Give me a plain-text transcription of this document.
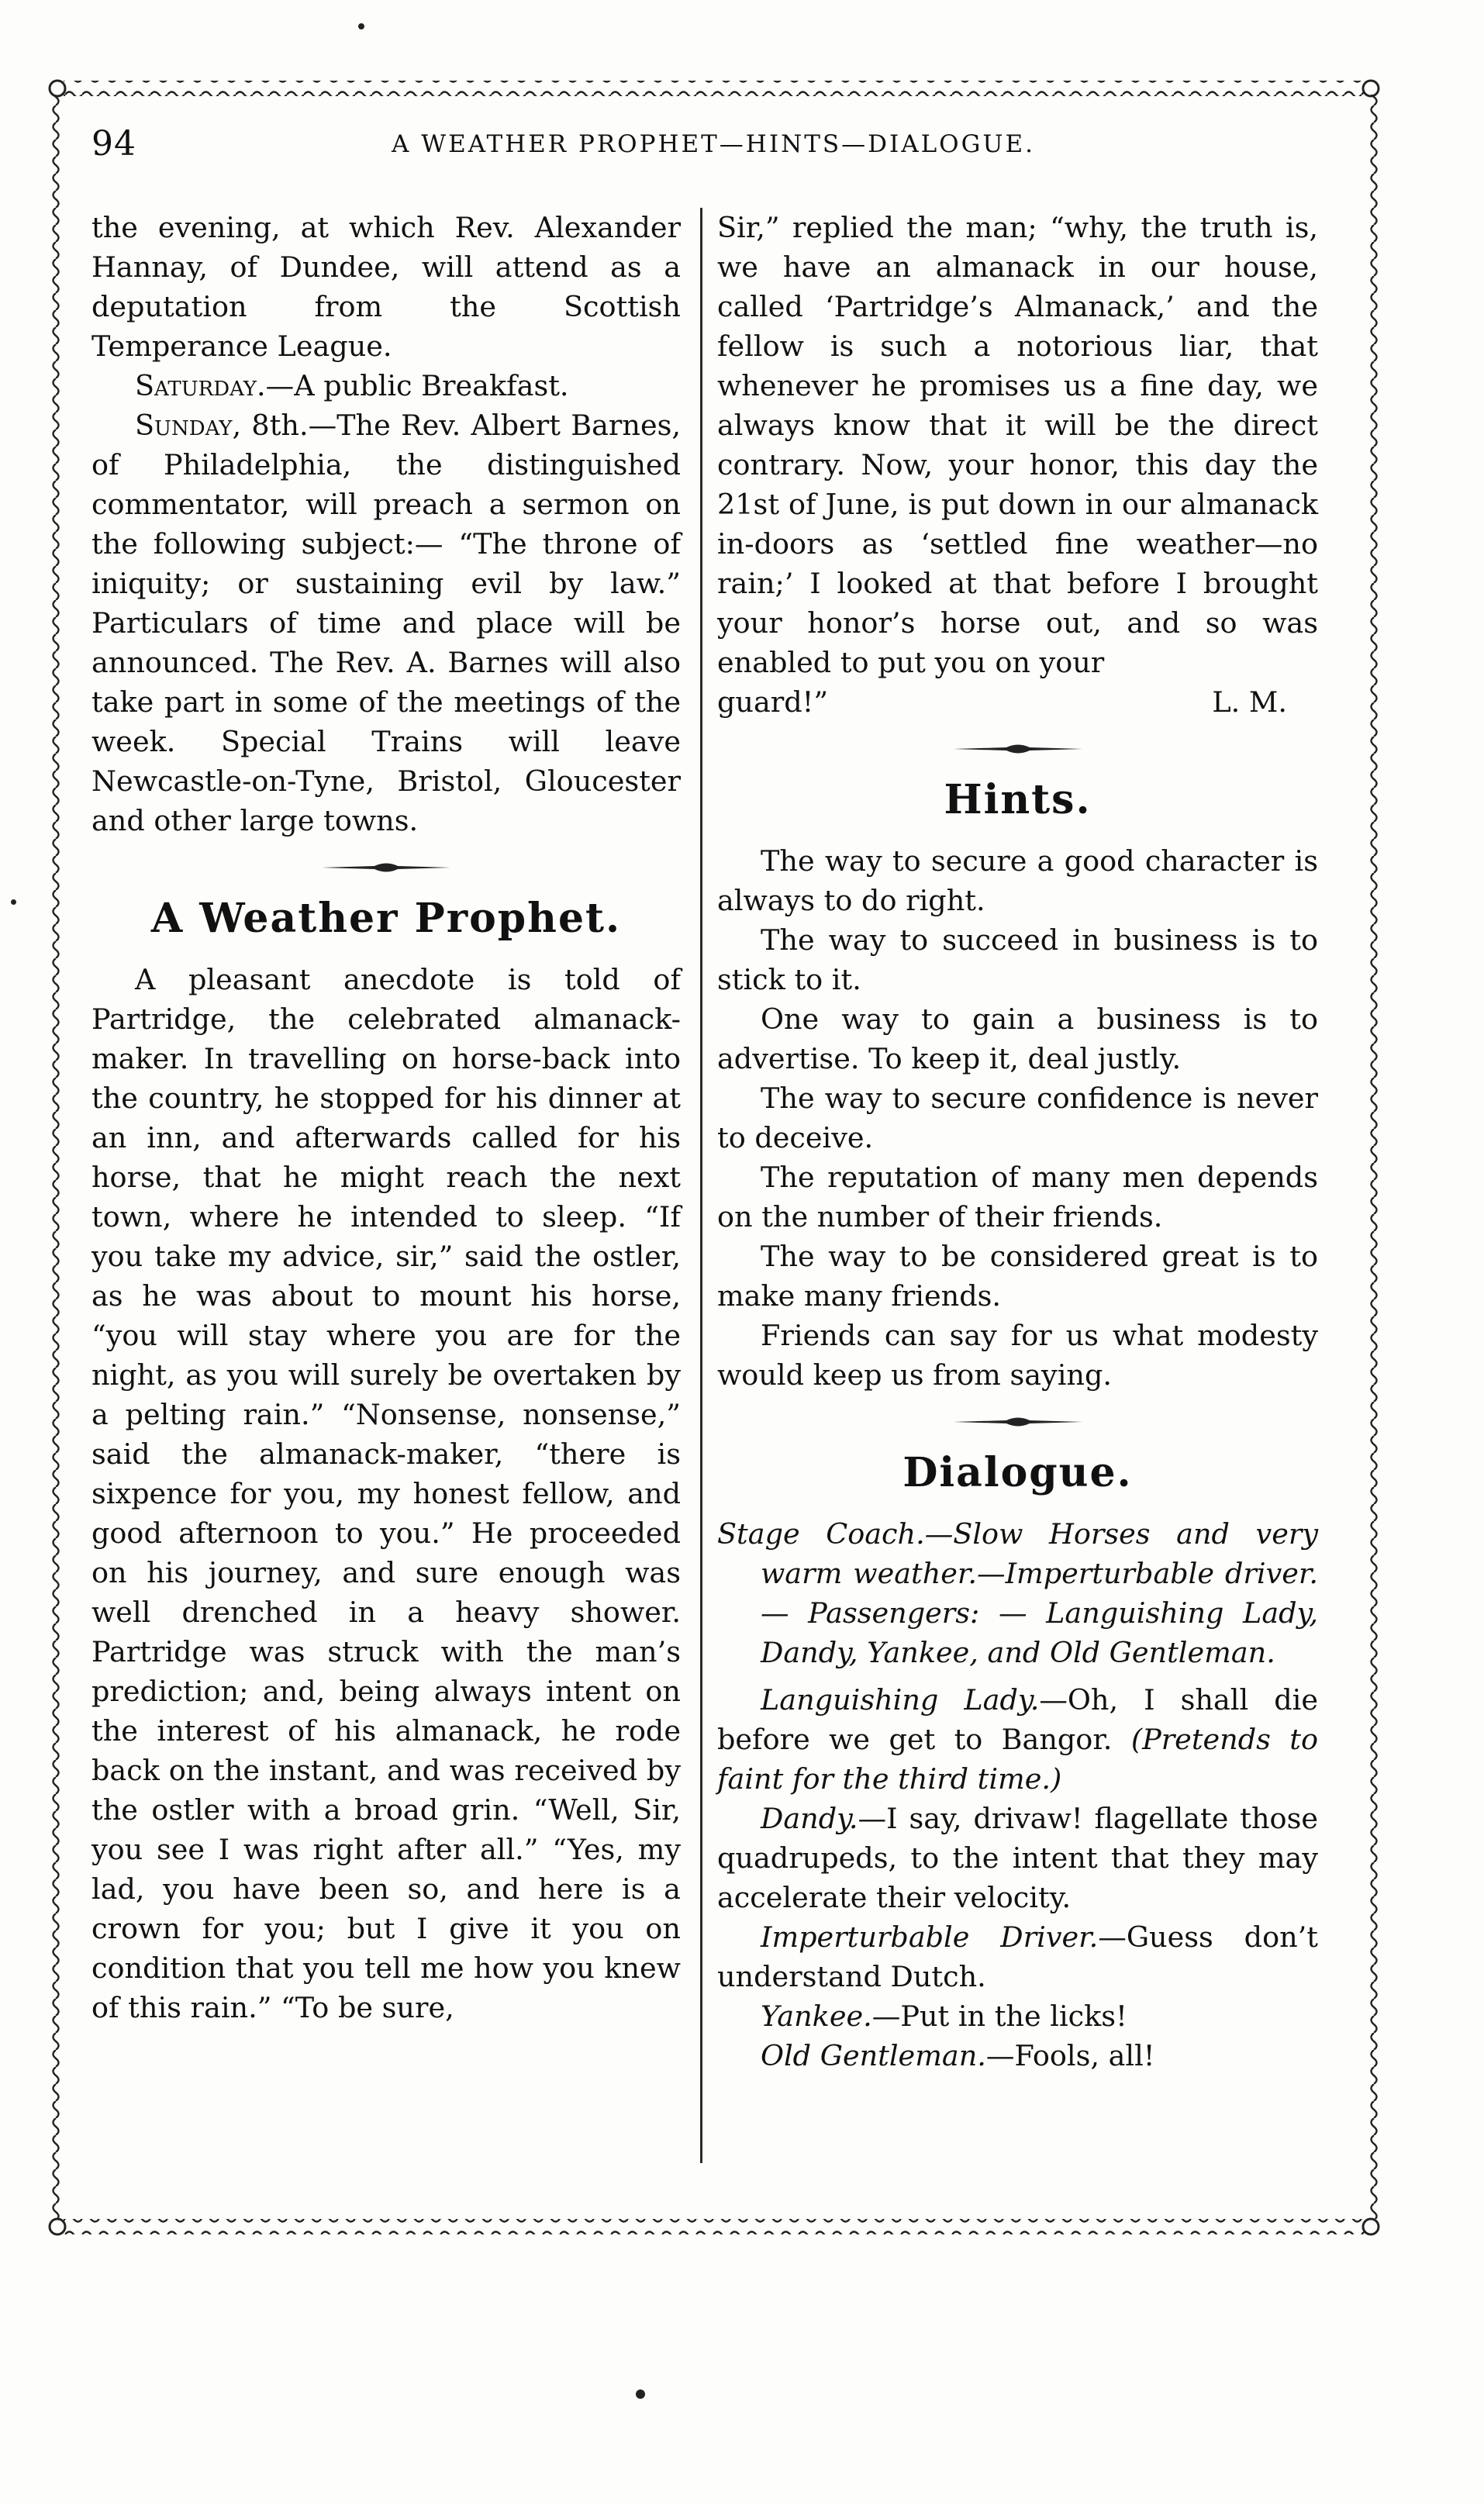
94	A WEATHER PROPHET—HINTS—DIALOGUE.

the evening, at which Rev. Alexander Hannay, of Dundee, will attend as a deputation from the Scottish Temperance League.

Saturday.—A public Breakfast.

Sunday, 8th.—The Rev. Albert Barnes, of Philadelphia, the distinguished commentator, will preach a sermon on the following subject:— “The throne of iniquity; or sustaining evil by law.” Particulars of time and place will be announced. The Rev. A. Barnes will also take part in some of the meetings of the week. Special Trains will leave Newcastle-on-Tyne, Bristol, Gloucester and other large towns.

A Weather Prophet.

A pleasant anecdote is told of Partridge, the celebrated almanack-maker. In travelling on horse-back into the country, he stopped for his dinner at an inn, and afterwards called for his horse, that he might reach the next town, where he intended to sleep. “If you take my advice, sir,” said the ostler, as he was about to mount his horse, “you will stay where you are for the night, as you will surely be overtaken by a pelting rain.” “Nonsense, nonsense,” said the almanack-maker, “there is sixpence for you, my honest fellow, and good afternoon to you.” He proceeded on his journey, and sure enough was well drenched in a heavy shower. Partridge was struck with the man’s prediction; and, being always intent on the interest of his almanack, he rode back on the instant, and was received by the ostler with a broad grin. “Well, Sir, you see I was right after all.” “Yes, my lad, you have been so, and here is a crown for you; but I give it you on condition that you tell me how you knew of this rain.” “To be sure,

Sir,” replied the man; “why, the truth is, we have an almanack in our house, called ‘Partridge’s Almanack,’ and the fellow is such a notorious liar, that whenever he promises us a fine day, we always know that it will be the direct contrary. Now, your honor, this day the 21st of June, is put down in our almanack in-doors as ‘settled fine weather—no rain;’ I looked at that before I brought your honor’s horse out, and so was enabled to put you on your

guard!”	L. M.

Hints.

The way to secure a good character is always to do right.

The way to succeed in business is to stick to it.

One way to gain a business is to advertise. To keep it, deal justly.

The way to secure confidence is never to deceive.

The reputation of many men depends on the number of their friends.

The way to be considered great is to make many friends.

Friends can say for us what modesty would keep us from saying.

Dialogue.

Stage Coach.—Slow Horses and very warm weather.—Imperturbable driver. — Passengers: — Languishing Lady, Dandy, Yankee, and Old Gentleman.

Languishing Lady.—Oh, I shall die before we get to Bangor. (Pretends to faint for the third time.)

Dandy.—I say, drivaw! flagellate those quadrupeds, to the intent that they may accelerate their velocity.

Imperturbable Driver.—Guess don’t understand Dutch.

Yankee.—Put in the licks!

Old Gentleman.—Fools, all!
